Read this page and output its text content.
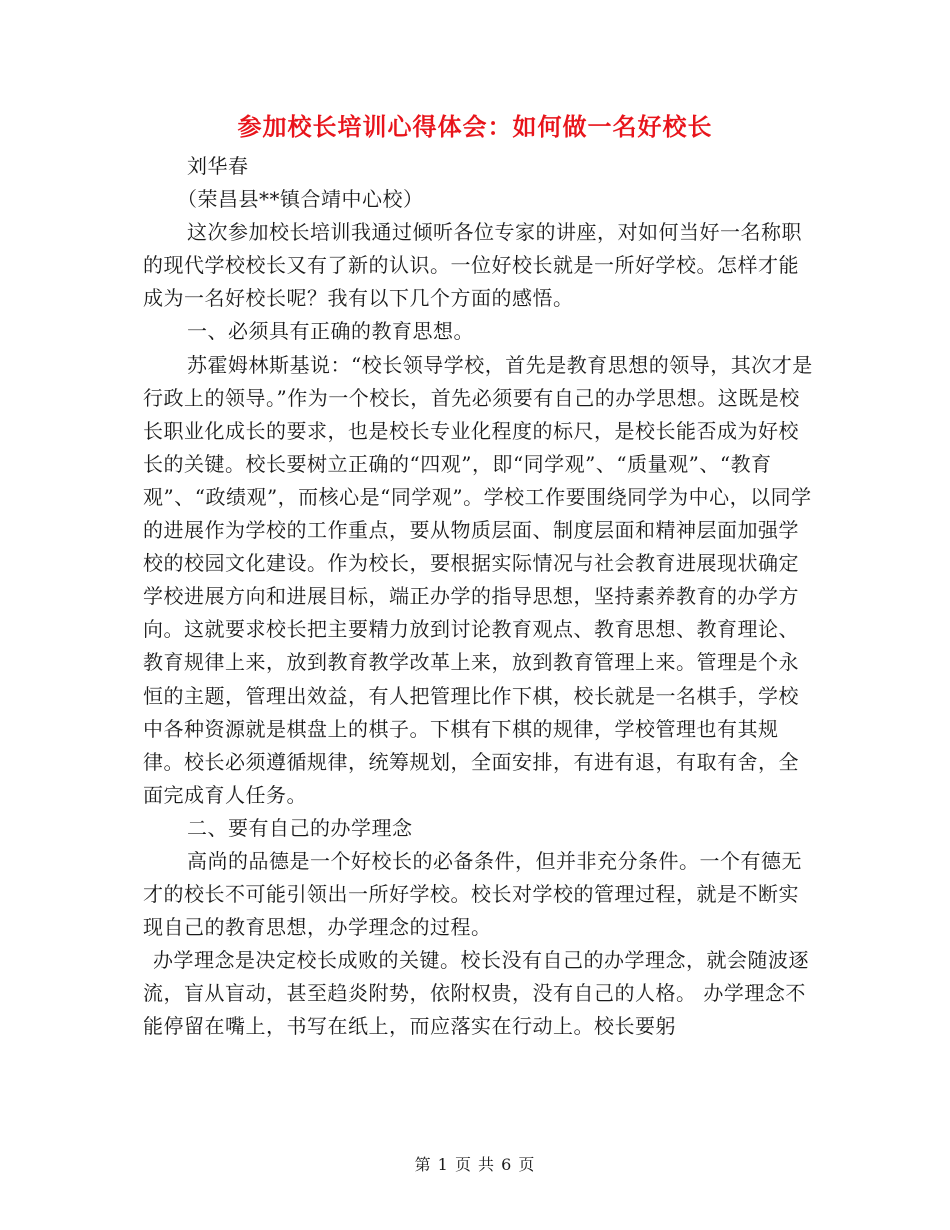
参加校长培训心得体会：如何做一名好校长

刘华春

（荣昌县**镇合靖中心校）

这次参加校长培训我通过倾听各位专家的讲座，对如何当好一名称职的现代学校校长又有了新的认识。一位好校长就是一所好学校。怎样才能成为一名好校长呢？我有以下几个方面的感悟。

一、必须具有正确的教育思想。

苏霍姆林斯基说：“校长领导学校，首先是教育思想的领导，其次才是行政上的领导。”作为一个校长，首先必须要有自己的办学思想。这既是校长职业化成长的要求，也是校长专业化程度的标尺，是校长能否成为好校长的关键。校长要树立正确的“四观”，即“同学观”、“质量观”、“教育观”、“政绩观”，而核心是“同学观”。学校工作要围绕同学为中心，以同学的进展作为学校的工作重点，要从物质层面、制度层面和精神层面加强学校的校园文化建设。作为校长，要根据实际情况与社会教育进展现状确定学校进展方向和进展目标，端正办学的指导思想，坚持素养教育的办学方向。这就要求校长把主要精力放到讨论教育观点、教育思想、教育理论、教育规律上来，放到教育教学改革上来，放到教育管理上来。管理是个永恒的主题，管理出效益，有人把管理比作下棋，校长就是一名棋手，学校中各种资源就是棋盘上的棋子。下棋有下棋的规律，学校管理也有其规律。校长必须遵循规律，统筹规划，全面安排，有进有退，有取有舍，全面完成育人任务。

二、要有自己的办学理念

高尚的品德是一个好校长的必备条件，但并非充分条件。一个有德无才的校长不可能引领出一所好学校。校长对学校的管理过程，就是不断实现自己的教育思想，办学理念的过程。

办学理念是决定校长成败的关键。校长没有自己的办学理念，就会随波逐流，盲从盲动，甚至趋炎附势，依附权贵，没有自己的人格。 办学理念不能停留在嘴上，书写在纸上，而应落实在行动上。校长要躬

第 1 页 共 6 页
